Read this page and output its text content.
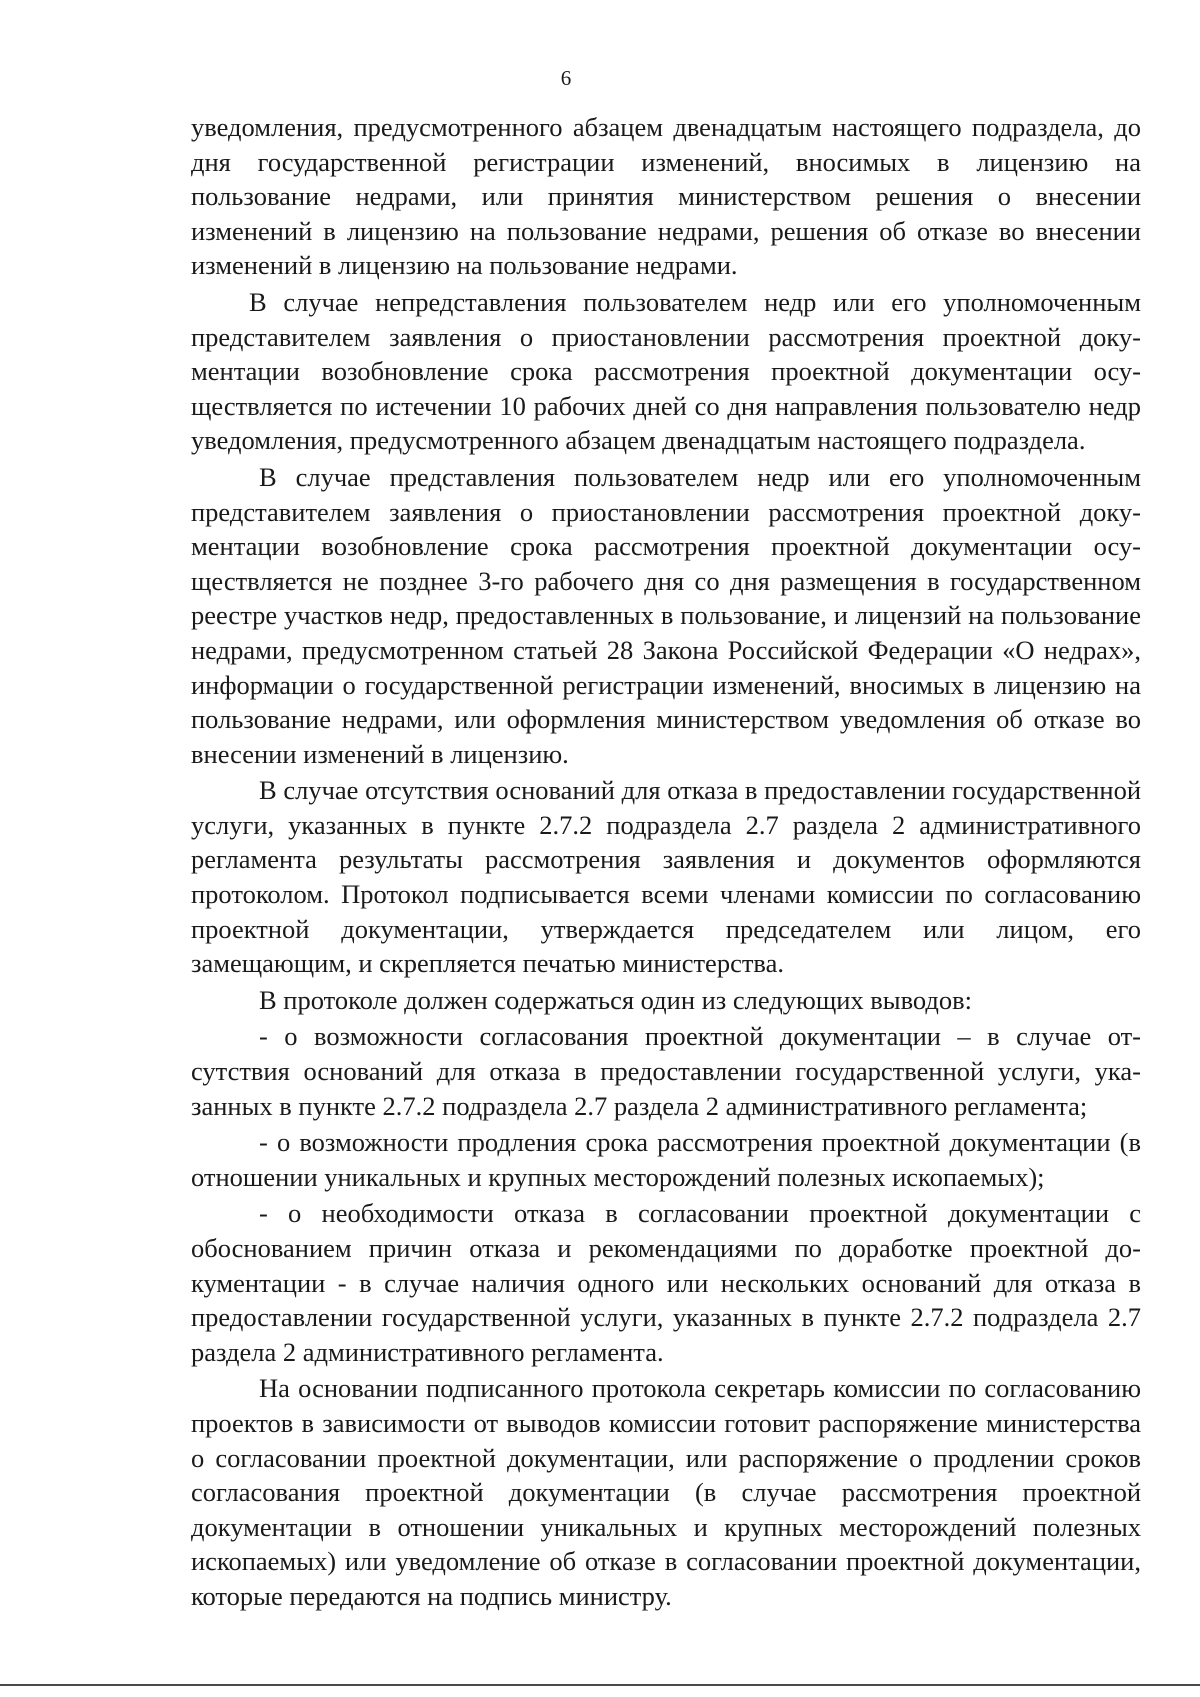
6

уведомления, предусмотренного абзацем двенадцатым настоящего подраздела, до дня государственной регистрации изменений, вносимых в лицензию на пользование недрами, или принятия министерством решения о внесении изменений в лицензию на пользование недрами, решения об отказе во внесении изменений в лицензию на пользование недрами.

В случае непредставления пользователем недр или его уполномоченным представителем заявления о приостановлении рассмотрения проектной документации возобновление срока рассмотрения проектной документации осуществляется по истечении 10 рабочих дней со дня направления пользователю недр уведомления, предусмотренного абзацем двенадцатым настоящего подраздела.

В случае представления пользователем недр или его уполномоченным представителем заявления о приостановлении рассмотрения проектной документации возобновление срока рассмотрения проектной документации осуществляется не позднее 3-го рабочего дня со дня размещения в государственном реестре участков недр, предоставленных в пользование, и лицензий на пользование недрами, предусмотренном статьей 28 Закона Российской Федерации «О недрах», информации о государственной регистрации изменений, вносимых в лицензию на пользование недрами, или оформления министерством уведомления об отказе во внесении изменений в лицензию.

В случае отсутствия оснований для отказа в предоставлении государственной услуги, указанных в пункте 2.7.2 подраздела 2.7 раздела 2 административного регламента результаты рассмотрения заявления и документов оформляются протоколом. Протокол подписывается всеми членами комиссии по согласованию проектной документации, утверждается председателем или лицом, его замещающим, и скрепляется печатью министерства.

В протоколе должен содержаться один из следующих выводов:

- о возможности согласования проектной документации – в случае отсутствия оснований для отказа в предоставлении государственной услуги, указанных в пункте 2.7.2 подраздела 2.7 раздела 2 административного регламента;

- о возможности продления срока рассмотрения проектной документации (в отношении уникальных и крупных месторождений полезных ископаемых);

- о необходимости отказа в согласовании проектной документации с обоснованием причин отказа и рекомендациями по доработке проектной документации - в случае наличия одного или нескольких оснований для отказа в предоставлении государственной услуги, указанных в пункте 2.7.2 подраздела 2.7 раздела 2 административного регламента.

На основании подписанного протокола секретарь комиссии по согласованию проектов в зависимости от выводов комиссии готовит распоряжение министерства о согласовании проектной документации, или распоряжение о продлении сроков согласования проектной документации (в случае рассмотрения проектной документации в отношении уникальных и крупных месторождений полезных ископаемых) или уведомление об отказе в согласовании проектной документации, которые передаются на подпись министру.
